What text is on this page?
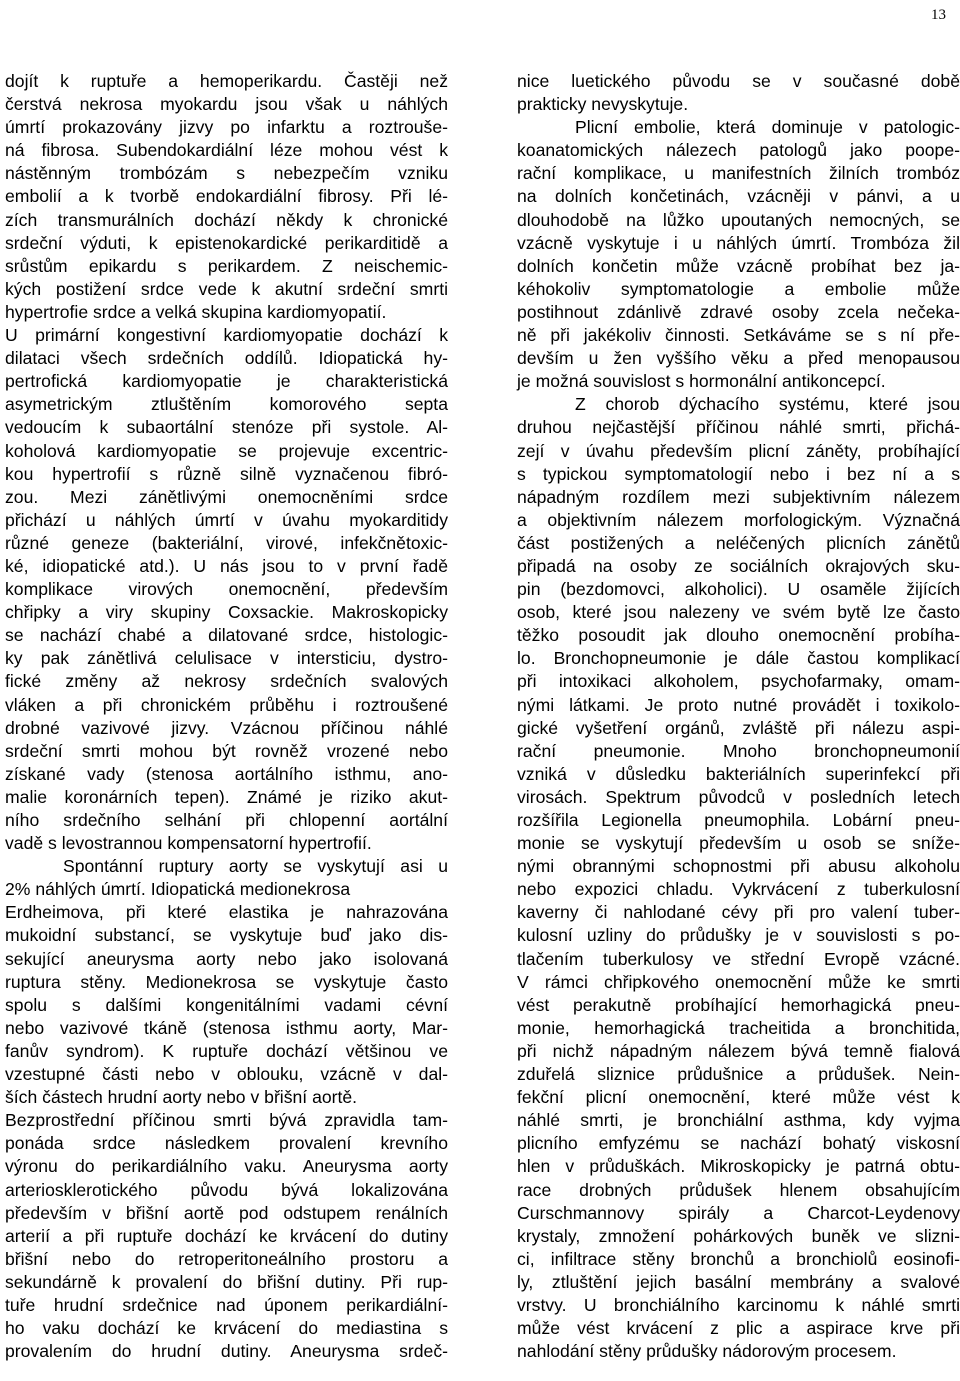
13
dojít k ruptuře a hemoperikardu. Častěji než
čerstvá nekrosa myokardu jsou však u náhlých
úmrtí prokazovány jizvy po infarktu a roztrouše-
ná fibrosa. Subendokardiální léze mohou vést k
nástěnným trombózám s nebezpečím vzniku
embolií a k tvorbě endokardiální fibrosy. Při lé-
zích transmurálních dochází někdy k chronické
srdeční výduti, k epistenokardické perikarditidě a
srůstům epikardu s perikardem. Z neischemic-
kých postižení srdce vede k akutní srdeční smrti
hypertrofie srdce a velká skupina kardiomyopatií.
U primární kongestivní kardiomyopatie dochází k
dilataci všech srdečních oddílů. Idiopatická hy-
pertrofická kardiomyopatie je charakteristická
asymetrickým ztluštěním komorového septa
vedoucím k subaortální stenóze při systole. Al-
koholová kardiomyopatie se projevuje excentric-
kou hypertrofií s různě silně vyznačenou fibró-
zou. Mezi zánětlivými onemocněními srdce
přichází u náhlých úmrtí v úvahu myokarditidy
různé geneze (bakteriální, virové, infekčnětoxic-
ké, idiopatické atd.). U nás jsou to v první řadě
komplikace virových onemocnění, především
chřipky a viry skupiny Coxsackie. Makroskopicky
se nachází chabé a dilatované srdce, histologic-
ky pak zánětlivá celulisace v intersticiu, dystro-
fické změny až nekrosy srdečních svalových
vláken a při chronickém průběhu i roztroušené
drobné vazivové jizvy. Vzácnou příčinou náhlé
srdeční smrti mohou být rovněž vrozené nebo
získané vady (stenosa aortálního isthmu, ano-
malie koronárních tepen). Známé je riziko akut-
ního srdečního selhání při chlopenní aortální
vadě s levostrannou kompensatorní hypertrofií.
Spontánní ruptury aorty se vyskytují asi u
2% náhlých úmrtí. Idiopatická medionekrosa
Erdheimova, při které elastika je nahrazována
mukoidní substancí, se vyskytuje buď jako dis-
sekující aneurysma aorty nebo jako isolovaná
ruptura stěny. Medionekrosa se vyskytuje často
spolu s dalšími kongenitálními vadami cévní
nebo vazivové tkáně (stenosa isthmu aorty, Mar-
fanův syndrom). K ruptuře dochází většinou ve
vzestupné části nebo v oblouku, vzácně v dal-
ších částech hrudní aorty nebo v břišní aortě.
Bezprostřední příčinou smrti bývá zpravidla tam-
ponáda srdce následkem provalení krevního
výronu do perikardiálního vaku. Aneurysma aorty
arteriosklerotického původu bývá lokalizována
především v břišní aortě pod odstupem renálních
arterií a při ruptuře dochází ke krvácení do dutiny
břišní nebo do retroperitoneálního prostoru a
sekundárně k provalení do břišní dutiny. Při rup-
tuře hrudní srdečnice nad úponem perikardiální-
ho vaku dochází ke krvácení do mediastina s
provalením do hrudní dutiny. Aneurysma srdeč-
nice luetického původu se v současné době
prakticky nevyskytuje.
Plicní embolie, která dominuje v patologic-
koanatomických nálezech patologů jako poope-
rační komplikace, u manifestních žilních trombóz
na dolních končetinách, vzácněji v pánvi, a u
dlouhodobě na lůžko upoutaných nemocných, se
vzácně vyskytuje i u náhlých úmrtí. Trombóza žil
dolních končetin může vzácně probíhat bez ja-
kéhokoliv symptomatologie a embolie může
postihnout zdánlivě zdravé osoby zcela nečeka-
ně při jakékoliv činnosti. Setkáváme se s ní pře-
devším u žen vyššího věku a před menopausou
je možná souvislost s hormonální antikoncepcí.
Z chorob dýchacího systému, které jsou
druhou nejčastější příčinou náhlé smrti, přichá-
zejí v úvahu především plicní záněty, probíhající
s typickou symptomatologií nebo i bez ní a s
nápadným rozdílem mezi subjektivním nálezem
a objektivním nálezem morfologickým. Význačná
část postižených a neléčených plicních zánětů
připadá na osoby ze sociálních okrajových sku-
pin (bezdomovci, alkoholici). U osaměle žijících
osob, které jsou nalezeny ve svém bytě lze často
těžko posoudit jak dlouho onemocnění probíha-
lo. Bronchopneumonie je dále častou komplikací
při intoxikaci alkoholem, psychofarmaky, omam-
nými látkami. Je proto nutné provádět i toxikolo-
gické vyšetření orgánů, zvláště při nálezu aspi-
rační pneumonie. Mnoho bronchopneumonií
vzniká v důsledku bakteriálních superinfekcí při
virosách. Spektrum původců v posledních letech
rozšířila Legionella pneumophila. Lobární pneu-
monie se vyskytují především u osob se sníže-
nými obrannými schopnostmi při abusu alkoholu
nebo expozici chladu. Vykrvácení z tuberkulosní
kaverny či nahlodané cévy při pro valení tuber-
kulosní uzliny do průdušky je v souvislosti s po-
tlačením tuberkulosy ve střední Evropě vzácné.
V rámci chřipkového onemocnění může ke smrti
vést perakutně probíhající hemorhagická pneu-
monie, hemorhagická tracheitida a bronchitida,
při nichž nápadným nálezem bývá temně fialová
zduřelá sliznice průdušnice a průdušek. Nein-
fekční plicní onemocnění, které může vést k
náhlé smrti, je bronchiální asthma, kdy vyjma
plicního emfyzému se nachází bohatý viskosní
hlen v průduškách. Mikroskopicky je patrná obtu-
race drobných průdušek hlenem obsahujícím
Curschmannovy spirály a Charcot-Leydenovy
krystaly, zmnožení pohárkových buněk ve slizni-
ci, infiltrace stěny bronchů a bronchiolů eosinofi-
ly, ztluštění jejich basální membrány a svalové
vrstvy. U bronchiálního karcinomu k náhlé smrti
může vést krvácení z plic a aspirace krve při
nahlodání stěny průdušky nádorovým procesem.
